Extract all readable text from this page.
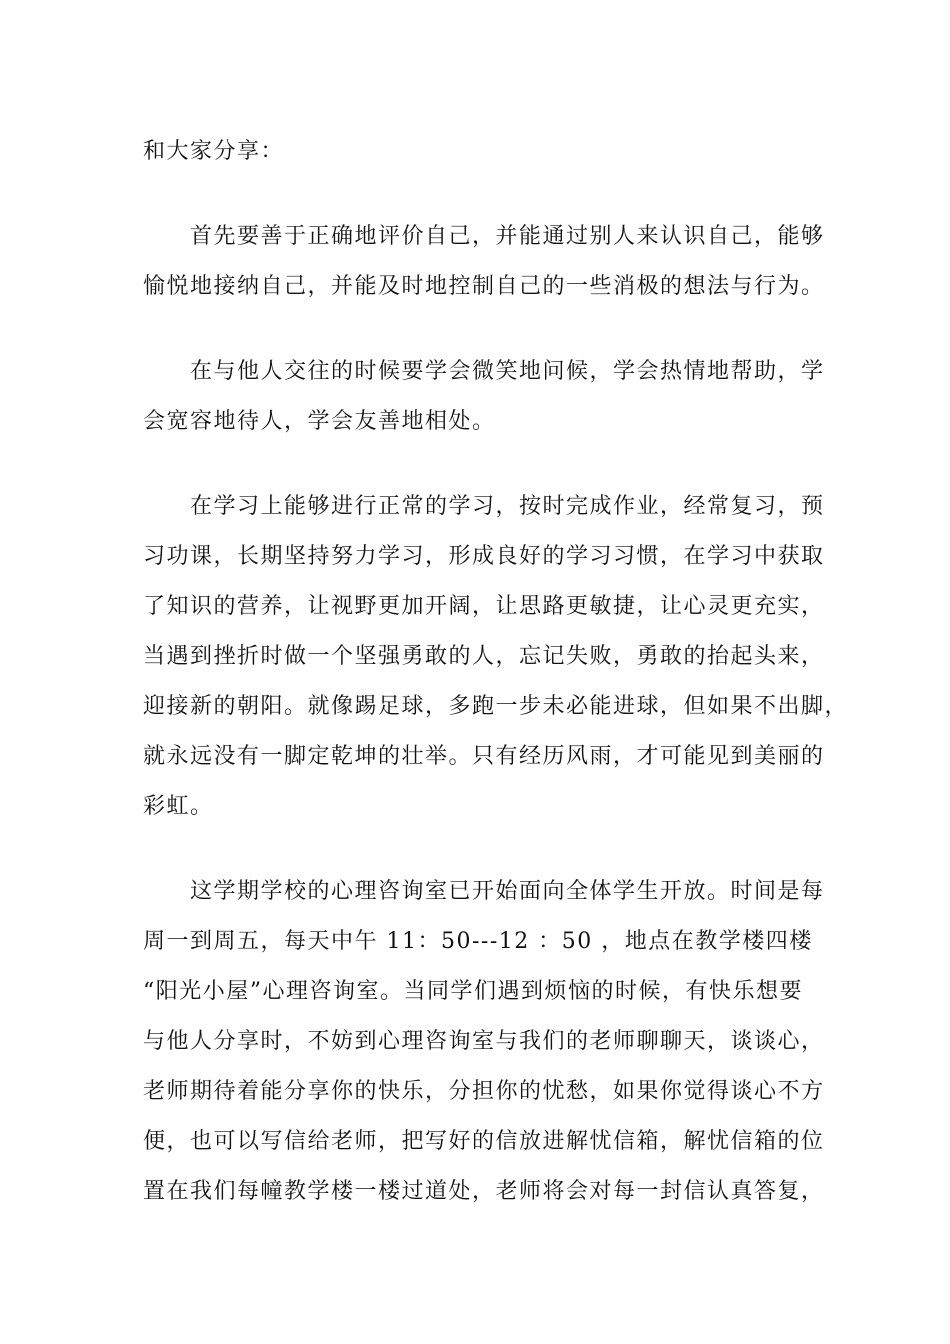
和大家分享：
首先要善于正确地评价自己，并能通过别人来认识自己，能够
愉悦地接纳自己，并能及时地控制自己的一些消极的想法与行为。
在与他人交往的时候要学会微笑地问候，学会热情地帮助，学
会宽容地待人，学会友善地相处。
在学习上能够进行正常的学习，按时完成作业，经常复习，预
习功课，长期坚持努力学习，形成良好的学习习惯，在学习中获取
了知识的营养，让视野更加开阔，让思路更敏捷，让心灵更充实，
当遇到挫折时做一个坚强勇敢的人，忘记失败，勇敢的抬起头来，
迎接新的朝阳。就像踢足球，多跑一步未必能进球，但如果不出脚，
就永远没有一脚定乾坤的壮举。只有经历风雨，才可能见到美丽的
彩虹。
这学期学校的心理咨询室已开始面向全体学生开放。时间是每
周一到周五，每天中午 11：50---12 ：50 ，地点在教学楼四楼
“阳光小屋”心理咨询室。当同学们遇到烦恼的时候，有快乐想要
与他人分享时，不妨到心理咨询室与我们的老师聊聊天，谈谈心，
老师期待着能分享你的快乐，分担你的忧愁，如果你觉得谈心不方
便，也可以写信给老师，把写好的信放进解忧信箱，解忧信箱的位
置在我们每幢教学楼一楼过道处，老师将会对每一封信认真答复，
